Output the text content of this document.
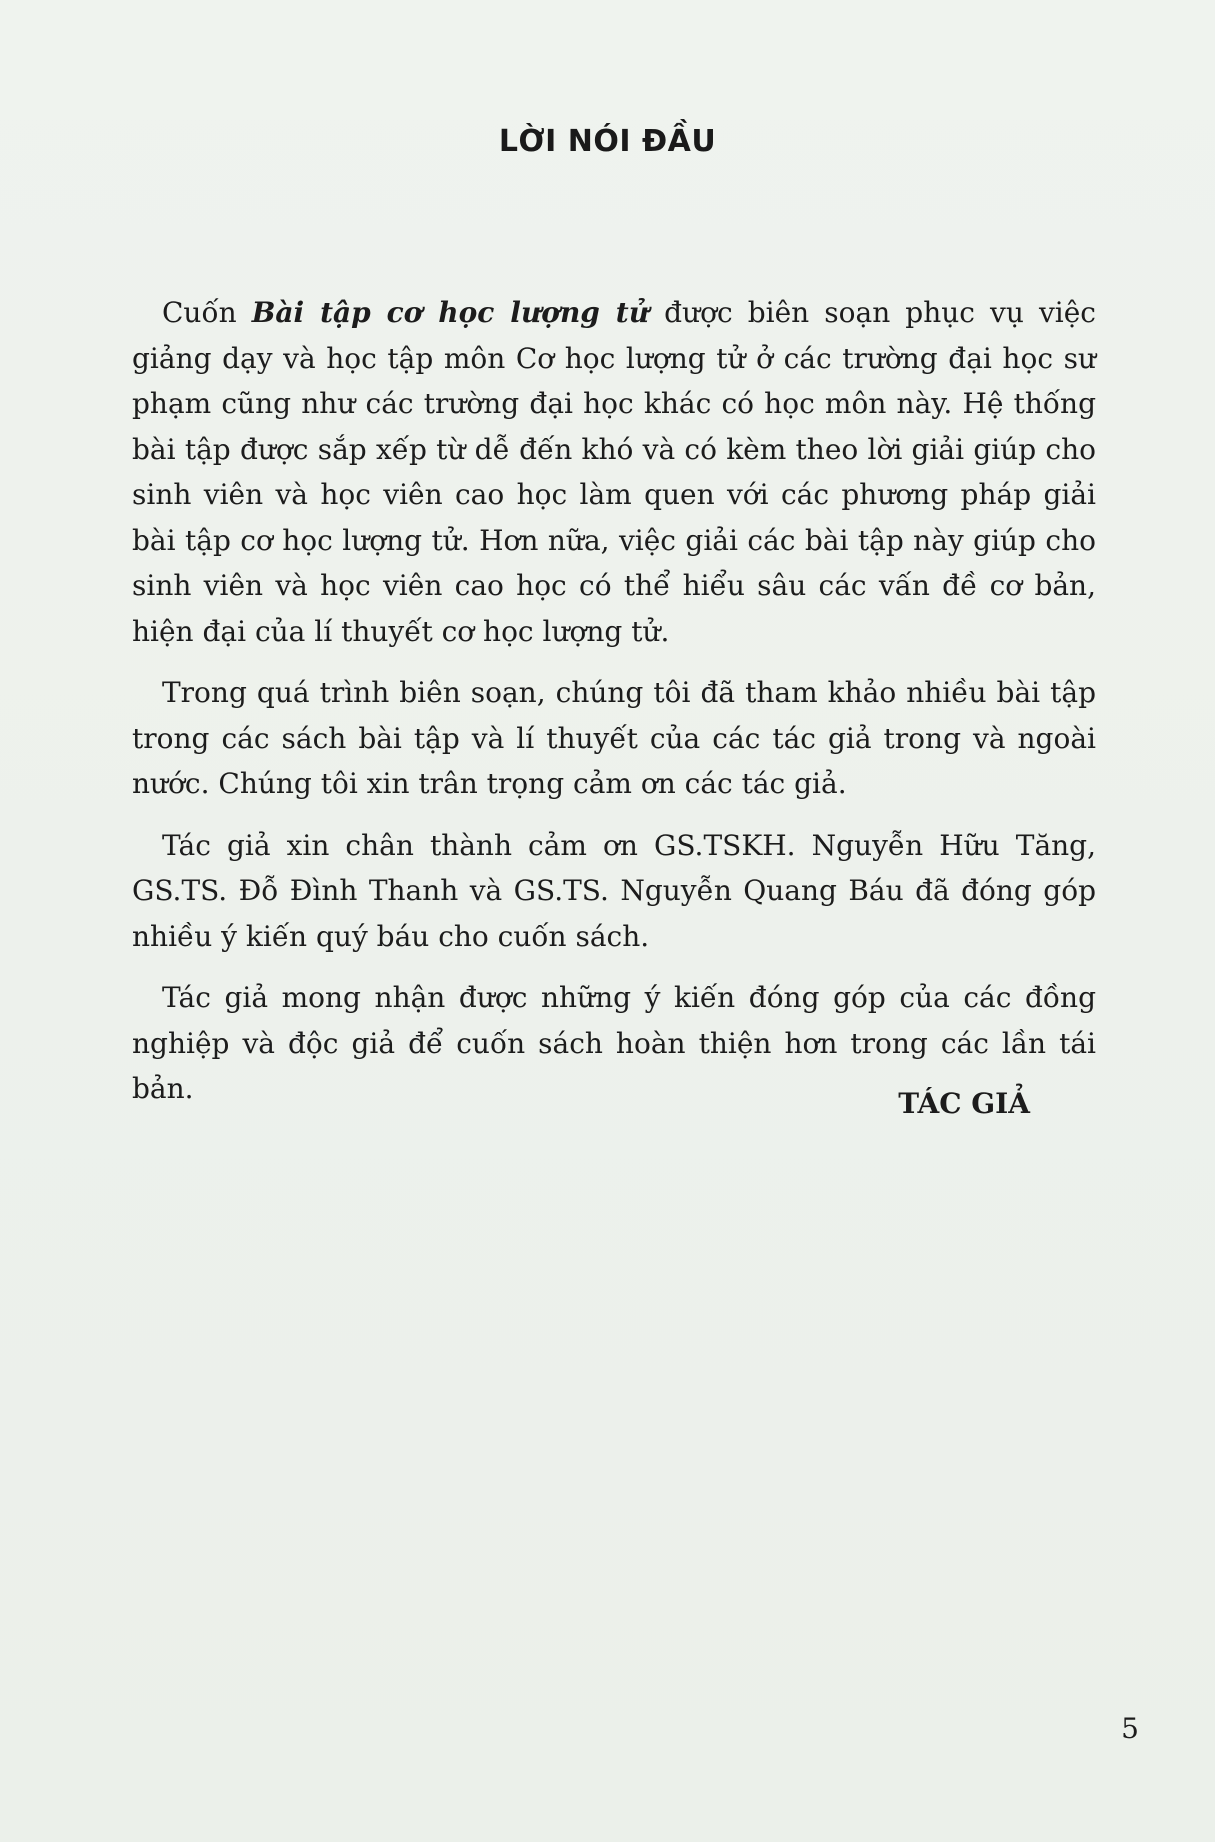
LỜI NÓI ĐẦU

Cuốn Bài tập cơ học lượng tử được biên soạn phục vụ việc giảng dạy và học tập môn Cơ học lượng tử ở các trường đại học sư phạm cũng như các trường đại học khác có học môn này. Hệ thống bài tập được sắp xếp từ dễ đến khó và có kèm theo lời giải giúp cho sinh viên và học viên cao học làm quen với các phương pháp giải bài tập cơ học lượng tử. Hơn nữa, việc giải các bài tập này giúp cho sinh viên và học viên cao học có thể hiểu sâu các vấn đề cơ bản, hiện đại của lí thuyết cơ học lượng tử.

Trong quá trình biên soạn, chúng tôi đã tham khảo nhiều bài tập trong các sách bài tập và lí thuyết của các tác giả trong và ngoài nước. Chúng tôi xin trân trọng cảm ơn các tác giả.

Tác giả xin chân thành cảm ơn GS.TSKH. Nguyễn Hữu Tăng, GS.TS. Đỗ Đình Thanh và GS.TS. Nguyễn Quang Báu đã đóng góp nhiều ý kiến quý báu cho cuốn sách.

Tác giả mong nhận được những ý kiến đóng góp của các đồng nghiệp và độc giả để cuốn sách hoàn thiện hơn trong các lần tái bản.	TÁC GIẢ
5
